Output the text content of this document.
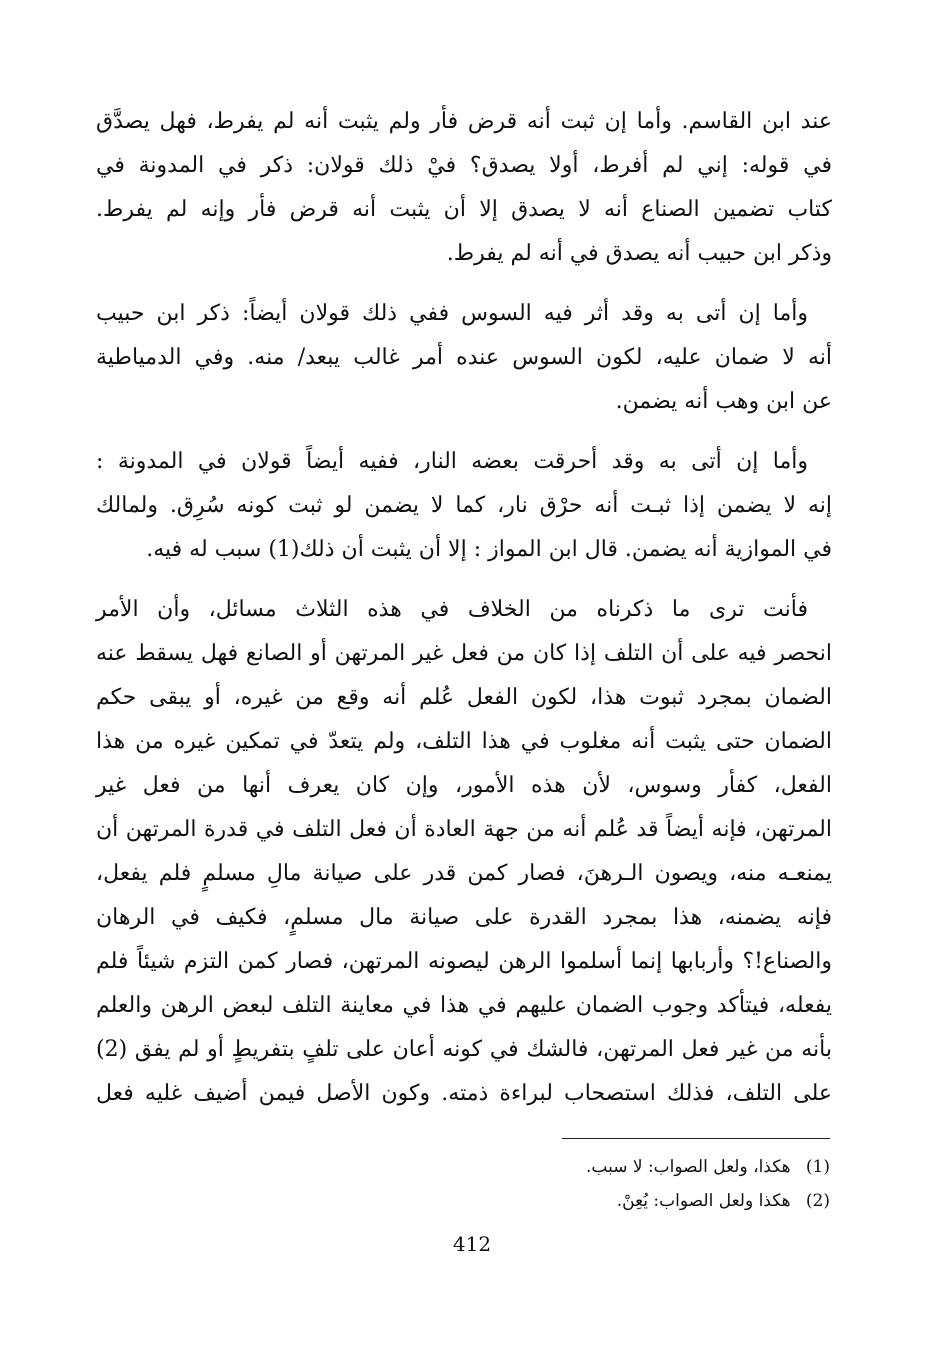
عند ابن القاسم. وأما إن ثبت أنه قرض فأر ولم يثبت أنه لم يفرط، فهل يصدَّق
في قوله: إني لم أفرط، أولا يصدق؟ فيْ ذلك قولان: ذكر في المدونة في
كتاب تضمين الصناع أنه لا يصدق إلا أن يثبت أنه قرض فأر وإنه لم يفرط.
وذكر ابن حبيب أنه يصدق في أنه لم يفرط.

وأما إن أتى به وقد أثر فيه السوس ففي ذلك قولان أيضاً: ذكر ابن حبيب
أنه لا ضمان عليه، لكون السوس عنده أمر غالب يبعد/ منه. وفي الدمياطية
عن ابن وهب أنه يضمن.

وأما إن أتى به وقد أحرقت بعضه النار، ففيه أيضاً قولان في المدونة :
إنه لا يضمن إذا ثبـت أنه حرْق نار، كما لا يضمن لو ثبت كونه سُرِق. ولمالك
في الموازية أنه يضمن. قال ابن المواز : إلا أن يثبت أن ذلك(1) سبب له فيه.

فأنت ترى ما ذكرناه من الخلاف في هذه الثلاث مسائل، وأن الأمر
انحصر فيه على أن التلف إذا كان من فعل غير المرتهن أو الصانع فهل يسقط عنه
الضمان بمجرد ثبوت هذا، لكون الفعل عُلم أنه وقع من غيره، أو يبقى حكم
الضمان حتى يثبت أنه مغلوب في هذا التلف، ولم يتعدّ في تمكين غيره من هذا
الفعل، كفأر وسوس، لأن هذه الأمور، وإن كان يعرف أنها من فعل غير
المرتهن، فإنه أيضاً قد عُلم أنه من جهة العادة أن فعل التلف في قدرة المرتهن أن
يمنعـه منه، ويصون الـرهنَ، فصار كمن قدر على صيانة مالِ مسلمٍ فلم يفعل،
فإنه يضمنه، هذا بمجرد القدرة على صيانة مال مسلمٍ، فكيف في الرهان
والصناع!؟ وأربابها إنما أسلموا الرهن ليصونه المرتهن، فصار كمن التزم شيئاً فلم
يفعله، فيتأكد وجوب الضمان عليهم في هذا في معاينة التلف لبعض الرهن والعلم
بأنه من غير فعل المرتهن، فالشك في كونه أعان على تلفٍ بتفريطٍ أو لم يفق (2)
على التلف، فذلك استصحاب لبراءة ذمته. وكون الأصل فيمن أضيف غليه فعل

(1) هكذا، ولعل الصواب: لا سبب.
(2) هكذا ولعل الصواب: يُعِنْ.
412
